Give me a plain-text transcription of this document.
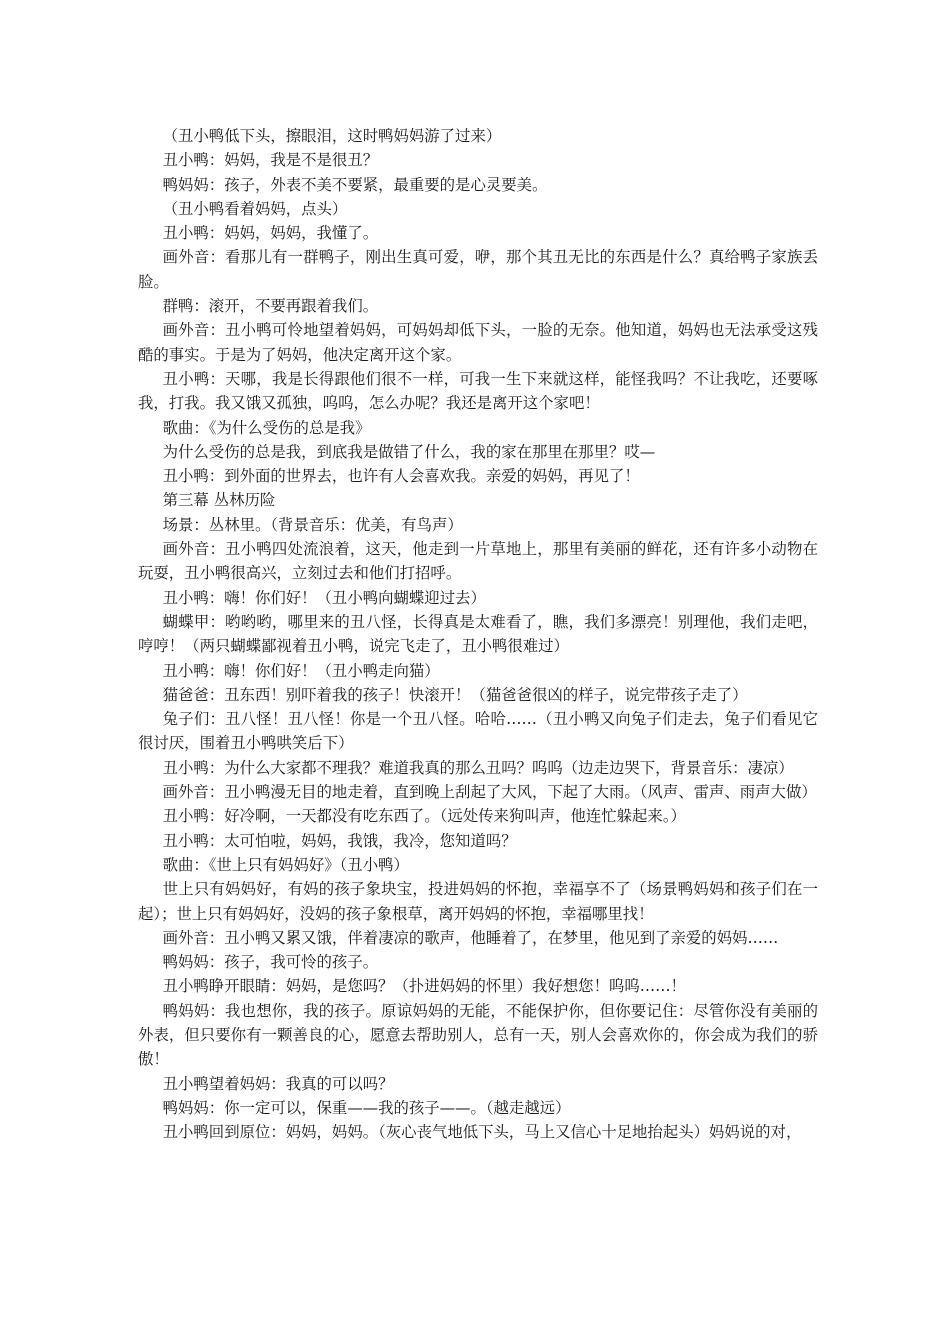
（丑小鸭低下头，擦眼泪，这时鸭妈妈游了过来）

丑小鸭：妈妈，我是不是很丑？

鸭妈妈：孩子，外表不美不要紧，最重要的是心灵要美。

（丑小鸭看着妈妈，点头）

丑小鸭：妈妈，妈妈，我懂了。

画外音：看那儿有一群鸭子，刚出生真可爱，咿，那个其丑无比的东西是什么？真给鸭子家族丢脸。

群鸭：滚开，不要再跟着我们。

画外音：丑小鸭可怜地望着妈妈，可妈妈却低下头，一脸的无奈。他知道，妈妈也无法承受这残酷的事实。于是为了妈妈，他决定离开这个家。

丑小鸭：天哪，我是长得跟他们很不一样，可我一生下来就这样，能怪我吗？不让我吃，还要啄我，打我。我又饿又孤独，呜呜，怎么办呢？我还是离开这个家吧！

歌曲：《为什么受伤的总是我》

为什么受伤的总是我，到底我是做错了什么，我的家在那里在那里？哎—

丑小鸭：到外面的世界去，也许有人会喜欢我。亲爱的妈妈，再见了！

第三幕 丛林历险

场景：丛林里。（背景音乐：优美，有鸟声）

画外音：丑小鸭四处流浪着，这天，他走到一片草地上，那里有美丽的鲜花，还有许多小动物在玩耍，丑小鸭很高兴，立刻过去和他们打招呼。

丑小鸭：嗨！你们好！（丑小鸭向蝴蝶迎过去）

蝴蝶甲：哟哟哟，哪里来的丑八怪，长得真是太难看了，瞧，我们多漂亮！别理他，我们走吧，哼哼！（两只蝴蝶鄙视着丑小鸭，说完飞走了，丑小鸭很难过）

丑小鸭：嗨！你们好！（丑小鸭走向猫）

猫爸爸：丑东西！别吓着我的孩子！快滚开！（猫爸爸很凶的样子，说完带孩子走了）

兔子们：丑八怪！丑八怪！你是一个丑八怪。哈哈……（丑小鸭又向兔子们走去，兔子们看见它很讨厌，围着丑小鸭哄笑后下）

丑小鸭：为什么大家都不理我？难道我真的那么丑吗？呜呜（边走边哭下，背景音乐：凄凉）

画外音：丑小鸭漫无目的地走着，直到晚上刮起了大风，下起了大雨。（风声、雷声、雨声大做）

丑小鸭：好冷啊，一天都没有吃东西了。（远处传来狗叫声，他连忙躲起来。）

丑小鸭：太可怕啦，妈妈，我饿，我冷，您知道吗？

歌曲：《世上只有妈妈好》（丑小鸭）

世上只有妈妈好，有妈的孩子象块宝，投进妈妈的怀抱，幸福享不了（场景鸭妈妈和孩子们在一起）；世上只有妈妈好，没妈的孩子象根草，离开妈妈的怀抱，幸福哪里找！

画外音：丑小鸭又累又饿，伴着凄凉的歌声，他睡着了，在梦里，他见到了亲爱的妈妈……

鸭妈妈：孩子，我可怜的孩子。

丑小鸭睁开眼睛：妈妈，是您吗？（扑进妈妈的怀里）我好想您！呜呜……！

鸭妈妈：我也想你，我的孩子。原谅妈妈的无能，不能保护你，但你要记住：尽管你没有美丽的外表，但只要你有一颗善良的心，愿意去帮助别人，总有一天，别人会喜欢你的，你会成为我们的骄傲！

丑小鸭望着妈妈：我真的可以吗？

鸭妈妈：你一定可以，保重——我的孩子——。（越走越远）

丑小鸭回到原位：妈妈，妈妈。（灰心丧气地低下头，马上又信心十足地抬起头）妈妈说的对，
